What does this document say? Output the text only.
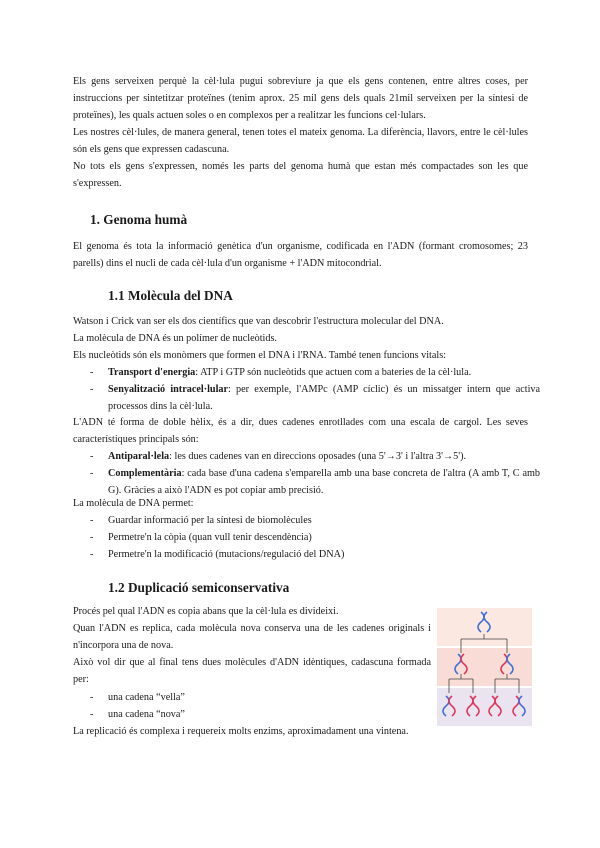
Els gens serveixen perquè la cèl·lula pugui sobreviure ja que els gens contenen, entre altres coses, per instruccions per sintetitzar proteïnes (tenim aprox. 25 mil gens dels quals 21mil serveixen per la síntesi de proteïnes), les quals actuen soles o en complexos per a realitzar les funcions cel·lulars.

Les nostres cèl·lules, de manera general, tenen totes el mateix genoma. La diferència, llavors, entre le cèl·lules són els gens que expressen cadascuna.

No tots els gens s'expressen, només les parts del genoma humà que estan més compactades son les que s'expressen.

1. Genoma humà

El genoma és tota la informació genètica d'un organisme, codificada en l'ADN (formant cromosomes; 23 parells) dins el nucli de cada cèl·lula d'un organisme + l'ADN mitocondrial.

1.1 Molècula del DNA

Watson i Crick van ser els dos científics que van descobrir l'estructura molecular del DNA.

La molècula de DNA és un polímer de nucleòtids.

Els nucleòtids són els monòmers que formen el DNA i l'RNA. També tenen funcions vitals:

- Transport d'energia: ATP i GTP són nucleòtids que actuen com a bateries de la cèl·lula.
- Senyalització intracel·lular: per exemple, l'AMPc (AMP cíclic) és un missatger intern que activa processos dins la cèl·lula.

L'ADN té forma de doble hèlix, és a dir, dues cadenes enrotllades com una escala de cargol. Les seves característiques principals són:

- Antiparal·lela: les dues cadenes van en direccions oposades (una 5'→3' i l'altra 3'→5').
- Complementària: cada base d'una cadena s'emparella amb una base concreta de l'altra (A amb T, C amb G). Gràcies a això l'ADN es pot copiar amb precisió.

La molècula de DNA permet:

- Guardar informació per la síntesi de biomolècules
- Permetre'n la còpia (quan vull tenir descendència)
- Permetre'n la modificació (mutacions/regulació del DNA)
1.2 Duplicació semiconservativa

Procés pel qual l'ADN es copia abans que la cèl·lula es divideixi.

Quan l'ADN es replica, cada molècula nova conserva una de les cadenes originals i n'incorpora una de nova.

Això vol dir que al final tens dues molècules d'ADN idèntiques, cadascuna formada per:

- una cadena “vella”
- una cadena “nova”

La replicació és complexa i requereix molts enzims, aproximadament una vintena.
